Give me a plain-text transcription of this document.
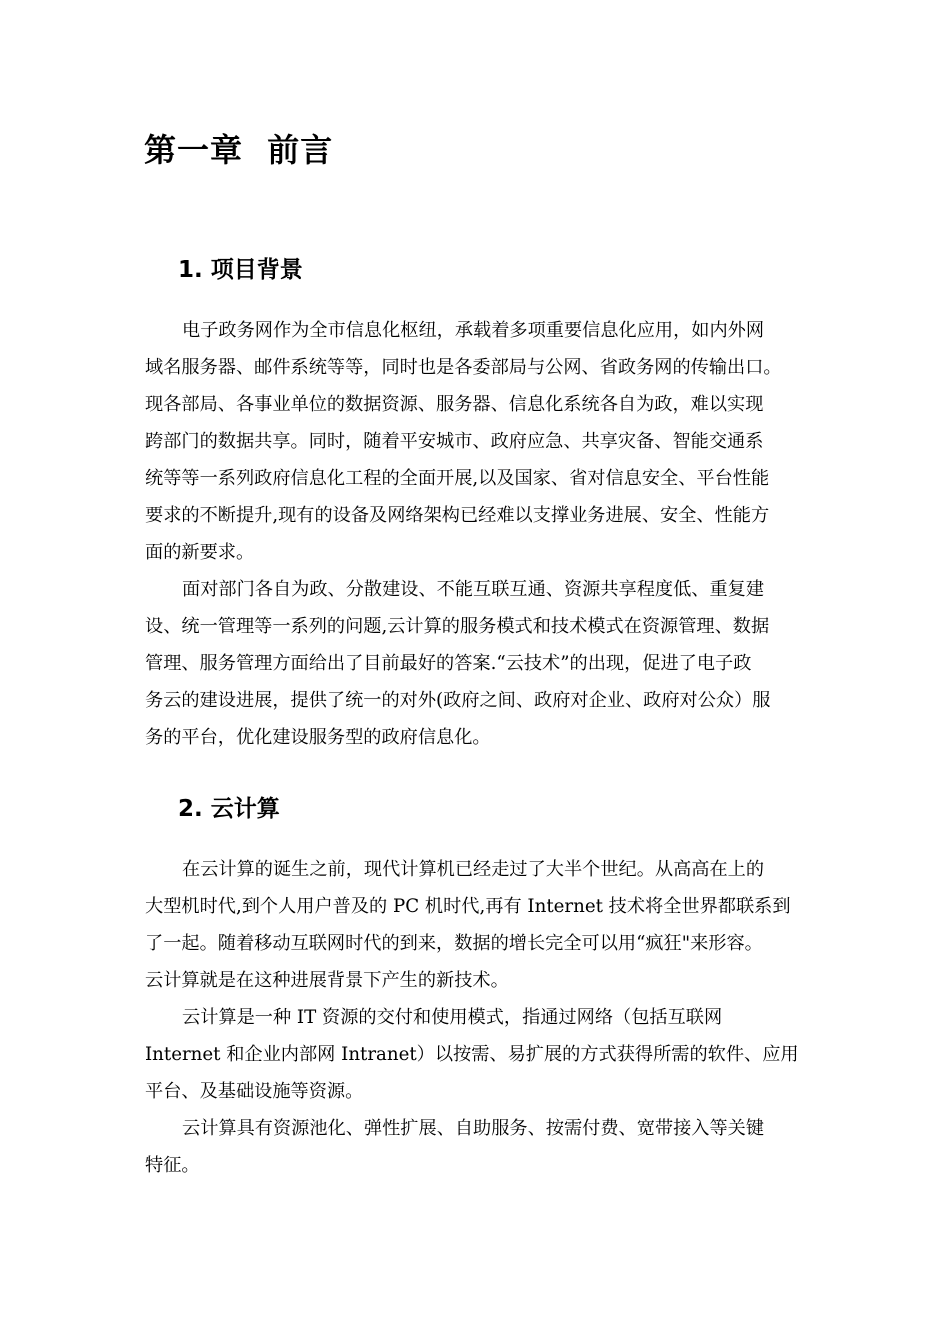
第一章  前言
1. 项目背景

电子政务网作为全市信息化枢纽，承载着多项重要信息化应用，如内外网

域名服务器、邮件系统等等，同时也是各委部局与公网、省政务网的传输出口。

现各部局、各事业单位的数据资源、服务器、信息化系统各自为政，难以实现

跨部门的数据共享。同时，随着平安城市、政府应急、共享灾备、智能交通系

统等等一系列政府信息化工程的全面开展,以及国家、省对信息安全、平台性能

要求的不断提升,现有的设备及网络架构已经难以支撑业务进展、安全、性能方

面的新要求。

面对部门各自为政、分散建设、不能互联互通、资源共享程度低、重复建

设、统一管理等一系列的问题,云计算的服务模式和技术模式在资源管理、数据

管理、服务管理方面给出了目前最好的答案.“云技术”的出现，促进了电子政

务云的建设进展，提供了统一的对外(政府之间、政府对企业、政府对公众）服

务的平台，优化建设服务型的政府信息化。

2. 云计算

在云计算的诞生之前，现代计算机已经走过了大半个世纪。从高高在上的

大型机时代,到个人用户普及的 PC 机时代,再有 Internet 技术将全世界都联系到

了一起。随着移动互联网时代的到来，数据的增长完全可以用“疯狂"来形容。

云计算就是在这种进展背景下产生的新技术。

云计算是一种 IT 资源的交付和使用模式，指通过网络（包括互联网

Internet 和企业内部网 Intranet）以按需、易扩展的方式获得所需的软件、应用

平台、及基础设施等资源。

云计算具有资源池化、弹性扩展、自助服务、按需付费、宽带接入等关键

特征。
